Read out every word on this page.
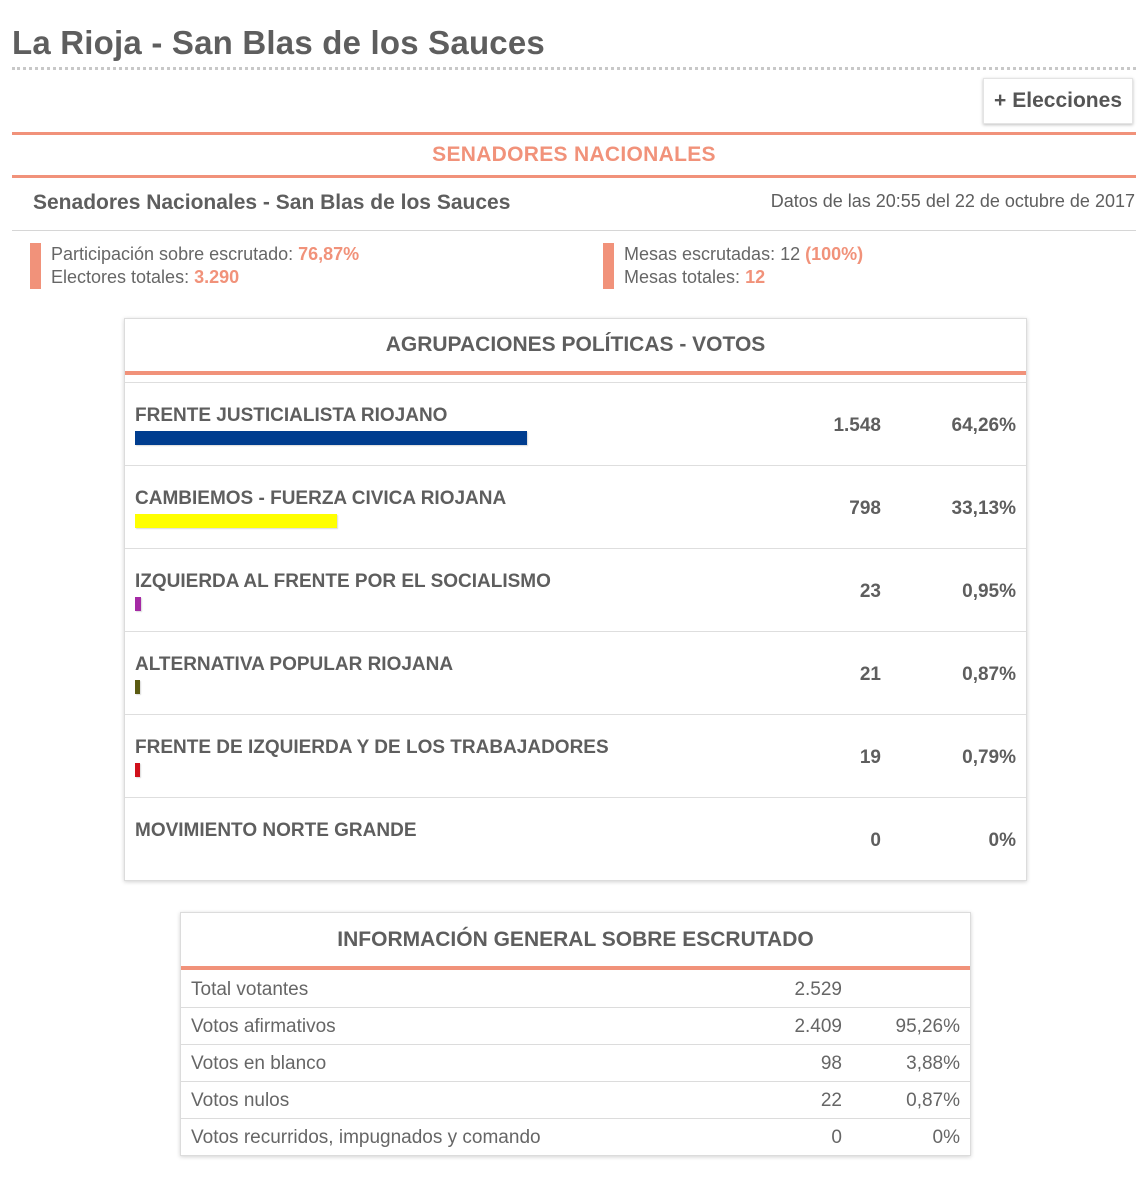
La Rioja - San Blas de los Sauces
+ Elecciones
SENADORES NACIONALES
Senadores Nacionales - San Blas de los Sauces	Datos de las 20:55 del 22 de octubre de 2017
Participación sobre escrutado: 76,87%
Electores totales: 3.290
Mesas escrutadas: 12 (100%)
Mesas totales: 12
AGRUPACIONES POLÍTICAS - VOTOS
FRENTE JUSTICIALISTA RIOJANO	1.548	64,26%
CAMBIEMOS - FUERZA CIVICA RIOJANA	798	33,13%
IZQUIERDA AL FRENTE POR EL SOCIALISMO	23	0,95%
ALTERNATIVA POPULAR RIOJANA	21	0,87%
FRENTE DE IZQUIERDA Y DE LOS TRABAJADORES	19	0,79%
MOVIMIENTO NORTE GRANDE	0	0%
INFORMACIÓN GENERAL SOBRE ESCRUTADO
Total votantes	2.529
Votos afirmativos	2.409	95,26%
Votos en blanco	98	3,88%
Votos nulos	22	0,87%
Votos recurridos, impugnados y comando	0	0%
